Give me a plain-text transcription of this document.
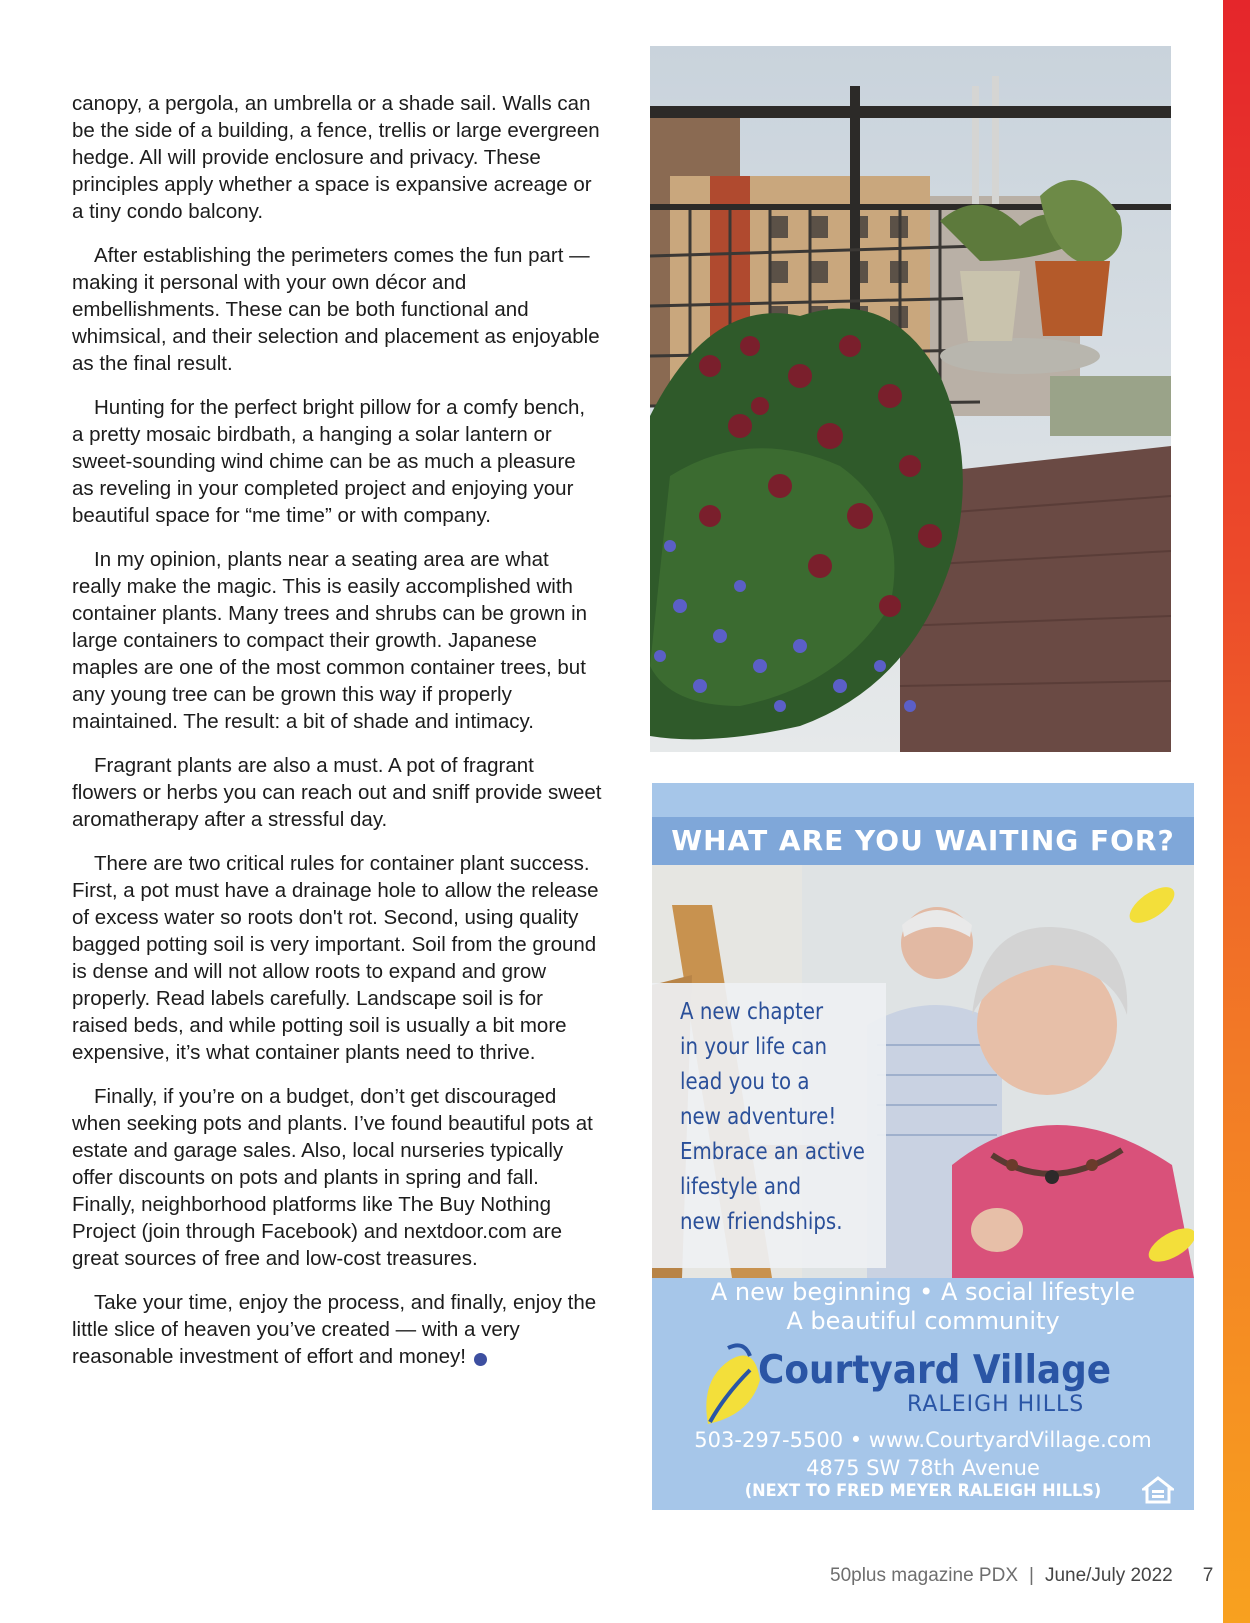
canopy, a pergola, an umbrella or a shade sail. Walls can be the side of a building, a fence, trellis or large evergreen hedge. All will provide enclosure and privacy. These principles apply whether a space is expansive acreage or a tiny condo balcony.

After establishing the perimeters comes the fun part — making it personal with your own décor and embellishments. These can be both functional and whimsical, and their selection and placement as enjoyable as the final result.

Hunting for the perfect bright pillow for a comfy bench, a pretty mosaic birdbath, a hanging a solar lantern or sweet-sounding wind chime can be as much a pleasure as reveling in your completed project and enjoying your beautiful space for “me time” or with company.

In my opinion, plants near a seating area are what really make the magic. This is easily accomplished with container plants. Many trees and shrubs can be grown in large containers to compact their growth. Japanese maples are one of the most common container trees, but any young tree can be grown this way if properly maintained. The result: a bit of shade and intimacy.

Fragrant plants are also a must. A pot of fragrant flowers or herbs you can reach out and sniff provide sweet aromatherapy after a stressful day.

There are two critical rules for container plant success. First, a pot must have a drainage hole to allow the release of excess water so roots don't rot. Second, using quality bagged potting soil is very important. Soil from the ground is dense and will not allow roots to expand and grow properly. Read labels carefully. Landscape soil is for raised beds, and while potting soil is usually a bit more expensive, it’s what container plants need to thrive.

Finally, if you’re on a budget, don’t get discouraged when seeking pots and plants. I’ve found beautiful pots at estate and garage sales. Also, local nurseries typically offer discounts on pots and plants in spring and fall. Finally, neighborhood platforms like The Buy Nothing Project (join through Facebook) and nextdoor.com are great sources of free and low-cost treasures.

Take your time, enjoy the process, and finally, enjoy the little slice of heaven you’ve created — with a very reasonable investment of effort and money!

WHAT ARE YOU WAITING FOR?
A new chapter
in your life can
lead you to a
new adventure!
Embrace an active
lifestyle and
new friendships.
A new beginning • A social lifestyle
A beautiful community
Courtyard Village
RALEIGH HILLS
503-297-5500 • www.CourtyardVillage.com
4875 SW 78th Avenue
(NEXT TO FRED MEYER RALEIGH HILLS)
50plus magazine PDX | June/July 2022 7
